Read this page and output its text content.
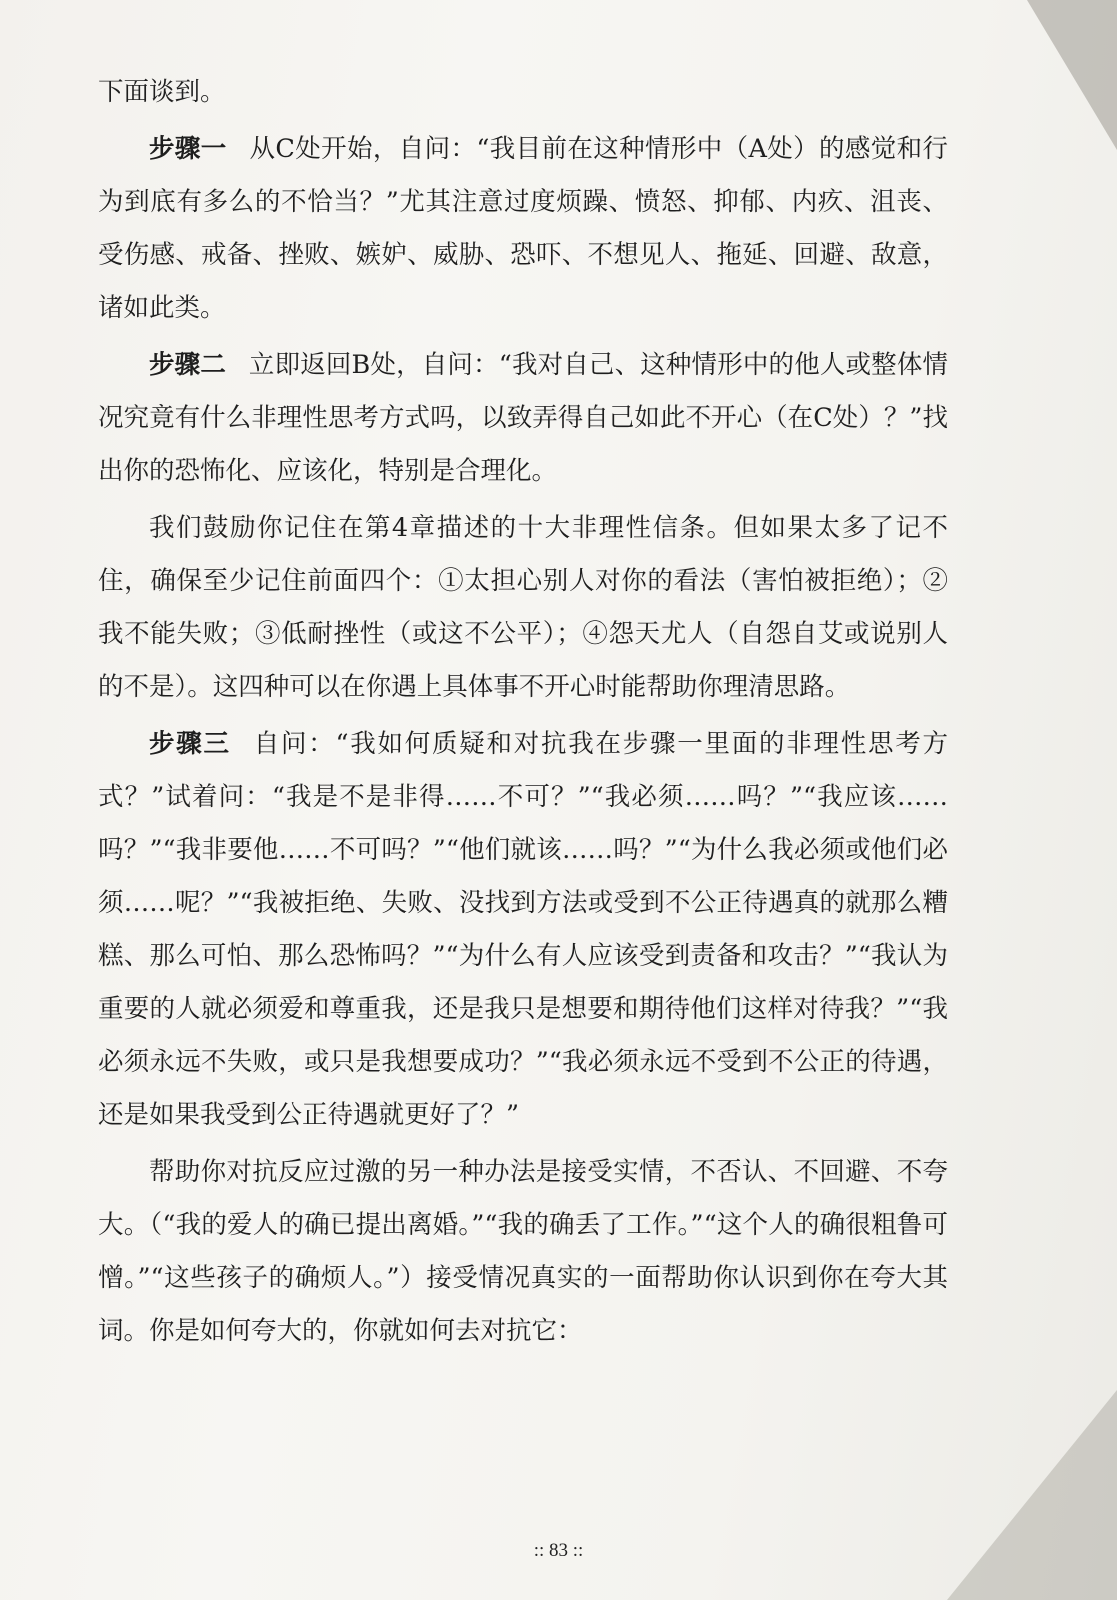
下面谈到。

步骤一 从C处开始，自问：“我目前在这种情形中（A处）的感觉和行为到底有多么的不恰当？”尤其注意过度烦躁、愤怒、抑郁、内疚、沮丧、受伤感、戒备、挫败、嫉妒、威胁、恐吓、不想见人、拖延、回避、敌意，诸如此类。

步骤二 立即返回B处，自问：“我对自己、这种情形中的他人或整体情况究竟有什么非理性思考方式吗，以致弄得自己如此不开心（在C处）？”找出你的恐怖化、应该化，特别是合理化。

我们鼓励你记住在第4章描述的十大非理性信条。但如果太多了记不住，确保至少记住前面四个：①太担心别人对你的看法（害怕被拒绝）；②我不能失败；③低耐挫性（或这不公平）；④怨天尤人（自怨自艾或说别人的不是）。这四种可以在你遇上具体事不开心时能帮助你理清思路。

步骤三 自问：“我如何质疑和对抗我在步骤一里面的非理性思考方式？”试着问：“我是不是非得……不可？”“我必须……吗？”“我应该……吗？”“我非要他……不可吗？”“他们就该……吗？”“为什么我必须或他们必须……呢？”“我被拒绝、失败、没找到方法或受到不公正待遇真的就那么糟糕、那么可怕、那么恐怖吗？”“为什么有人应该受到责备和攻击？”“我认为重要的人就必须爱和尊重我，还是我只是想要和期待他们这样对待我？”“我必须永远不失败，或只是我想要成功？”“我必须永远不受到不公正的待遇，还是如果我受到公正待遇就更好了？”

帮助你对抗反应过激的另一种办法是接受实情，不否认、不回避、不夸大。（“我的爱人的确已提出离婚。”“我的确丢了工作。”“这个人的确很粗鲁可憎。”“这些孩子的确烦人。”）接受情况真实的一面帮助你认识到你在夸大其词。你是如何夸大的，你就如何去对抗它：

:: 83 ::
